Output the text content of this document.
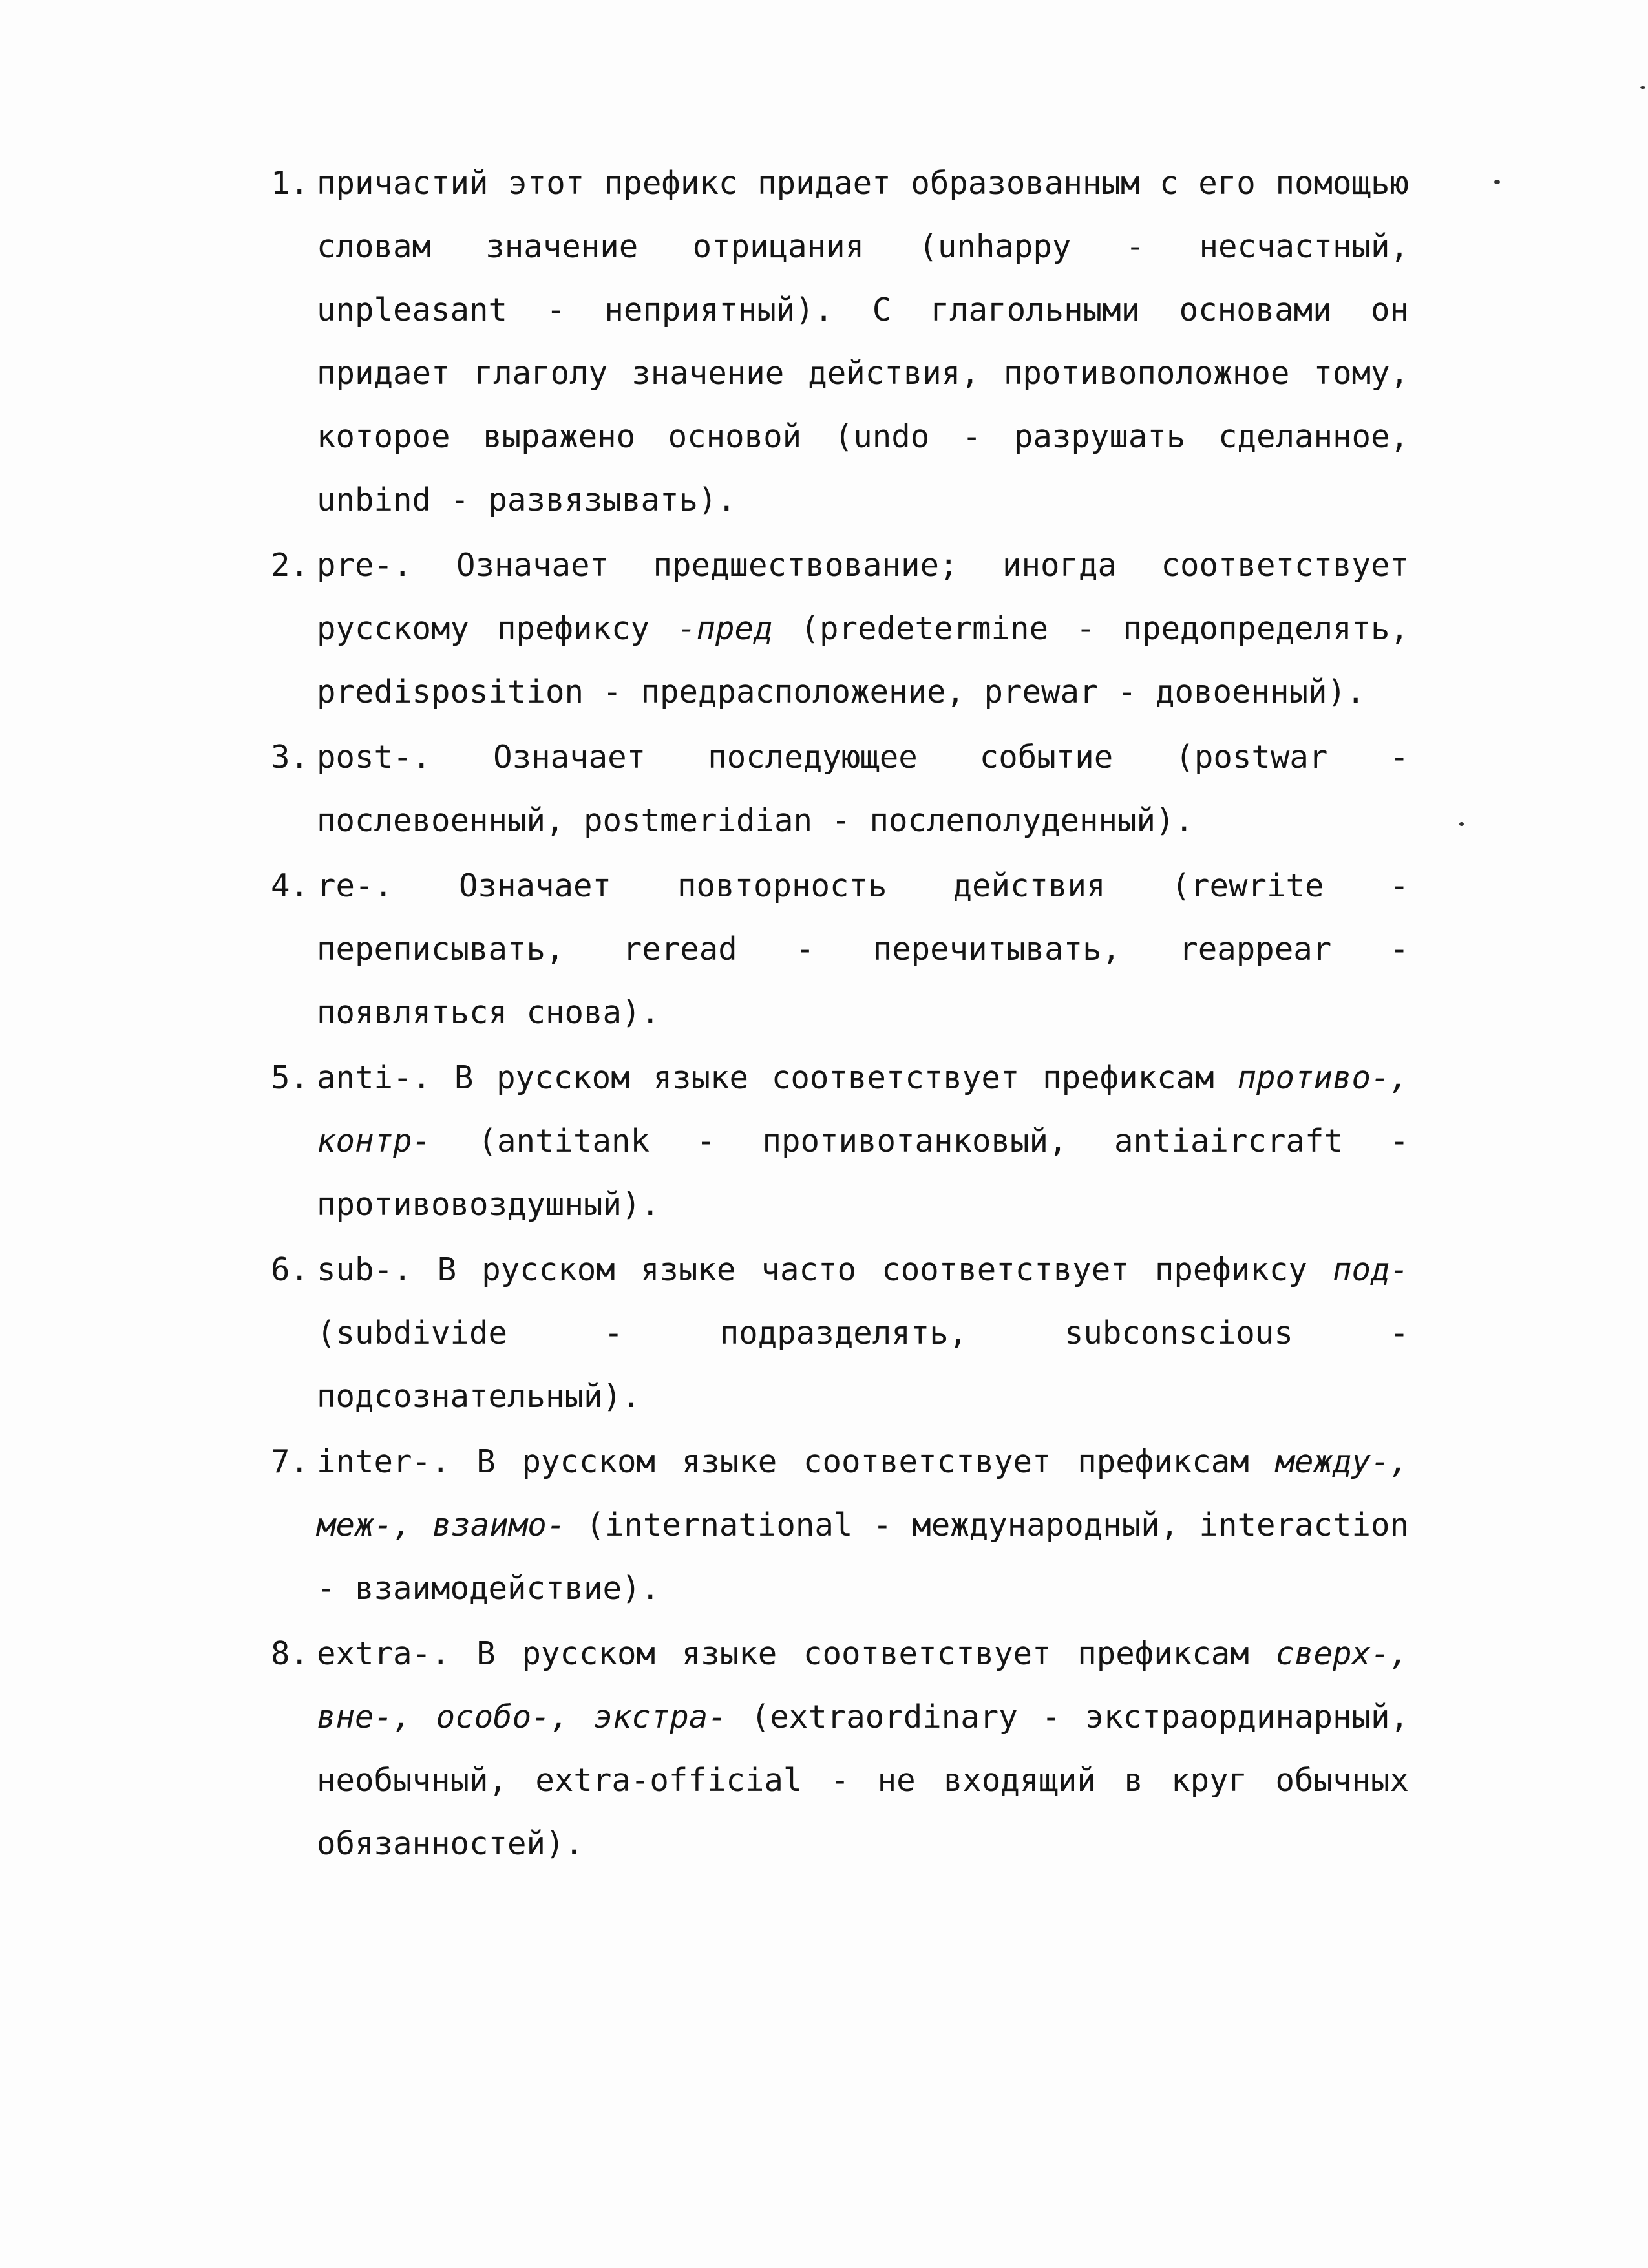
1. причастий этот префикс придает образованным с его помощью словам значение отрицания (unhappy - несчастный, unpleasant - неприятный). С глагольными основами он придает глаголу значение действия, противоположное тому, которое выражено основой (undo - разрушать сделанное, unbind - развязывать).
2. pre-. Означает предшествование; иногда соответствует русскому префиксу -пред (predetermine - предопределять, predisposition - предрасположение, prewar - довоенный).
3. post-. Означает последующее событие (postwar - послевоенный, postmeridian - послеполуденный).
4. re-. Означает повторность действия (rewrite - переписывать, reread - перечитывать, reappear - появляться снова).
5. anti-. В русском языке соответствует префиксам противо-, контр- (antitank - противотанковый, antiaircraft - противовоздушный).
6. sub-. В русском языке часто соответствует префиксу под- (subdivide - подразделять, subconscious - подсознательный).
7. inter-. В русском языке соответствует префиксам между-, меж-, взаимо- (international - международный, interaction - взаимодействие).
8. extra-. В русском языке соответствует префиксам сверх-, вне-, особо-, экстра- (extraordinary - экстраординарный, необычный, extra-official - не входящий в круг обычных обязанностей).
